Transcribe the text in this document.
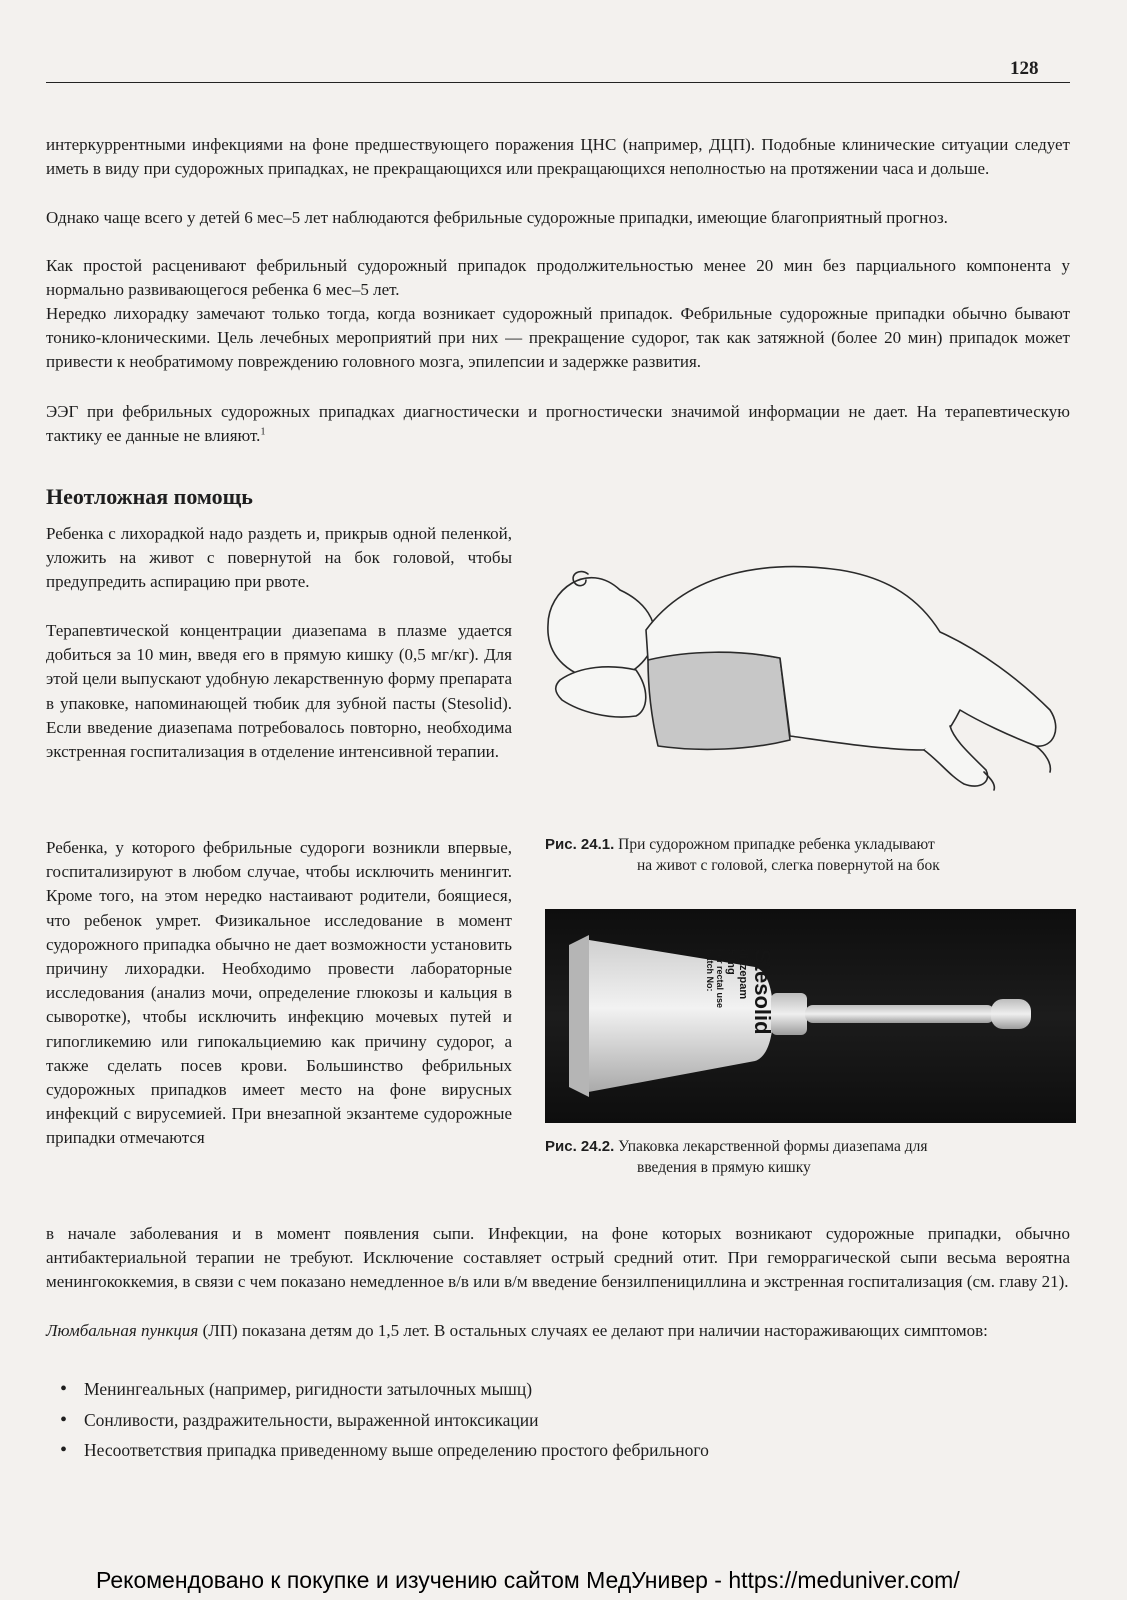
128

интеркуррентными инфекциями на фоне предшествующего поражения ЦНС (например, ДЦП). Подобные клинические ситуации следует иметь в виду при судорожных припадках, не прекращающихся или прекращающихся неполностью на протяжении часа и дольше.

Однако чаще всего у детей 6 мес–5 лет наблюдаются фебрильные судорожные припадки, имеющие благоприятный прогноз.

Как простой расценивают фебрильный судорожный припадок продолжительностью менее 20 мин без парциального компонента у нормально развивающегося ребенка 6 мес–5 лет.

Нередко лихорадку замечают только тогда, когда возникает судорожный припадок. Фебрильные судорожные припадки обычно бывают тонико-клоническими. Цель лечебных мероприятий при них — прекращение судорог, так как затяжной (более 20 мин) припадок может привести к необратимому повреждению головного мозга, эпилепсии и задержке развития.

ЭЭГ при фебрильных судорожных припадках диагностически и прогностически значимой информации не дает. На терапевтическую тактику ее данные не влияют.$^1$

Неотложная помощь

Ребенка с лихорадкой надо раздеть и, прикрыв одной пеленкой, уложить на живот с повернутой на бок головой, чтобы предупредить аспирацию при рвоте.

Терапевтической концентрации диазепама в плазме удается добиться за 10 мин, введя его в прямую кишку (0,5 мг/кг). Для этой цели выпускают удобную лекарственную форму препарата в упаковке, напоминающей тюбик для зубной пасты (Stesolid). Если введение диазепама потребовалось повторно, необходима экстренная госпитализация в отделение интенсивной терапии.

Ребенка, у которого фебрильные судороги возникли впервые, госпитализируют в любом случае, чтобы исключить менингит. Кроме того, на этом нередко настаивают родители, боящиеся, что ребенок умрет. Физикальное исследование в момент судорожного припадка обычно не дает возможности установить причину лихорадки. Необходимо провести лабораторные исследования (анализ мочи, определение глюкозы и кальция в сыворотке), чтобы исключить инфекцию мочевых путей и гипогликемию или гипокальциемию как причину судорог, а также сделать посев крови. Большинство фебрильных судорожных припадков имеет место на фоне вирусных инфекций с вирусемией. При внезапной экзантеме судорожные припадки отмечаются

Рис. 24.1. При судорожном припадке ребенка укладывают
на живот с головой, слегка повернутой на бок

Stesolid
diazepam
5 mg
For rectal use
Batch No:

Рис. 24.2. Упаковка лекарственной формы диазепама для
введения в прямую кишку

в начале заболевания и в момент появления сыпи. Инфекции, на фоне которых возникают судорожные припадки, обычно антибактериальной терапии не требуют. Исключение составляет острый средний отит. При геморрагической сыпи весьма вероятна менингококкемия, в связи с чем показано немедленное в/в или в/м введение бензилпенициллина и экстренная госпитализация (см. главу 21).

Люмбальная пункция (ЛП) показана детям до 1,5 лет. В остальных случаях ее делают при наличии настораживающих симптомов:

• Менингеальных (например, ригидности затылочных мышц)
• Сонливости, раздражительности, выраженной интоксикации
• Несоответствия припадка приведенному выше определению простого фебрильного

Рекомендовано к покупке и изучению сайтом МедУнивер - https://meduniver.com/
